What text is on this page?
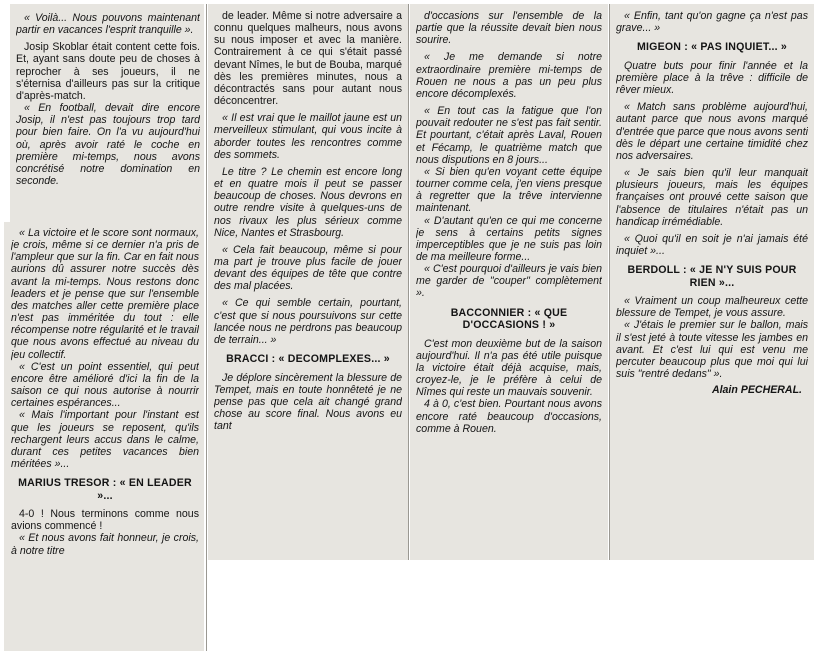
« Voilà... Nous pouvons maintenant partir en vacances l'esprit tranquille ».

Josip Skoblar était content cette fois. Et, ayant sans doute peu de choses à reprocher à ses joueurs, il ne s'éternisa d'ailleurs pas sur la critique d'après-match.

« En football, devait dire encore Josip, il n'est pas toujours trop tard pour bien faire. On l'a vu aujourd'hui où, après avoir raté le coche en première mi-temps, nous avons concrétisé notre domination en seconde.

« La victoire et le score sont normaux, je crois, même si ce dernier n'a pris de l'ampleur que sur la fin. Car en fait nous aurions dû assurer notre succès dès avant la mi-temps. Nous restons donc leaders et je pense que sur l'ensemble des matches aller cette première place n'est pas imméritée du tout : elle récompense notre régularité et le travail que nous avons effectué au niveau du jeu collectif.

« C'est un point essentiel, qui peut encore être amélioré d'ici la fin de la saison ce qui nous autorise à nourrir certaines espérances...

« Mais l'important pour l'instant est que les joueurs se reposent, qu'ils rechargent leurs accus dans le calme, durant ces petites vacances bien méritées »...

MARIUS TRESOR : « EN LEADER »...

4-0 ! Nous terminons comme nous avions commencé !

« Et nous avons fait honneur, je crois, à notre titre

de leader. Même si notre adversaire a connu quelques malheurs, nous avons su nous imposer et avec la manière. Contrairement à ce qui s'était passé devant Nîmes, le but de Bouba, marqué dès les premières minutes, nous a décontractés sans pour autant nous déconcentrer.

« Il est vrai que le maillot jaune est un merveilleux stimulant, qui vous incite à aborder toutes les rencontres comme des sommets.

Le titre ? Le chemin est encore long et en quatre mois il peut se passer beaucoup de choses. Nous devrons en outre rendre visite à quelques-uns de nos rivaux les plus sérieux comme Nice, Nantes et Strasbourg.

« Cela fait beaucoup, même si pour ma part je trouve plus facile de jouer devant des équipes de tête que contre des mal placées.

« Ce qui semble certain, pourtant, c'est que si nous poursuivons sur cette lancée nous ne perdrons pas beaucoup de terrain... »

BRACCI : « DECOMPLEXES... »

Je déplore sincèrement la blessure de Tempet, mais en toute honnêteté je ne pense pas que cela ait changé grand chose au score final. Nous avons eu tant

d'occasions sur l'ensemble de la partie que la réussite devait bien nous sourire.

« Je me demande si notre extraordinaire première mi-temps de Rouen ne nous a pas un peu plus encore décomplexés.

« En tout cas la fatigue que l'on pouvait redouter ne s'est pas fait sentir. Et pourtant, c'était après Laval, Rouen et Fécamp, le quatrième match que nous disputions en 8 jours...

« Si bien qu'en voyant cette équipe tourner comme cela, j'en viens presque à regretter que la trêve intervienne maintenant.

« D'autant qu'en ce qui me concerne je sens à certains petits signes imperceptibles que je ne suis pas loin de ma meilleure forme...

« C'est pourquoi d'ailleurs je vais bien me garder de "couper" complètement ».

BACCONNIER : « QUE D'OCCASIONS ! »

C'est mon deuxième but de la saison aujourd'hui. Il n'a pas été utile puisque la victoire était déjà acquise, mais, croyez-le, je le préfère à celui de Nîmes qui reste un mauvais souvenir.

4 à 0, c'est bien. Pourtant nous avons encore raté beaucoup d'occasions, comme à Rouen.

« Enfin, tant qu'on gagne ça n'est pas grave... »

MIGEON : « PAS INQUIET... »

Quatre buts pour finir l'année et la première place à la trêve : difficile de rêver mieux.

« Match sans problème aujourd'hui, autant parce que nous avons marqué d'entrée que parce que nous avons senti dès le départ une certaine timidité chez nos adversaires.

« Je sais bien qu'il leur manquait plusieurs joueurs, mais les équipes françaises ont prouvé cette saison que l'absence de titulaires n'était pas un handicap irrémédiable.

« Quoi qu'il en soit je n'ai jamais été inquiet »...

BERDOLL : « JE N'Y SUIS POUR RIEN »...

« Vraiment un coup malheureux cette blessure de Tempet, je vous assure.

« J'étais le premier sur le ballon, mais il s'est jeté à toute vitesse les jambes en avant. Et c'est lui qui est venu me percuter beaucoup plus que moi qui lui suis "rentré dedans" ».

Alain PECHERAL.
